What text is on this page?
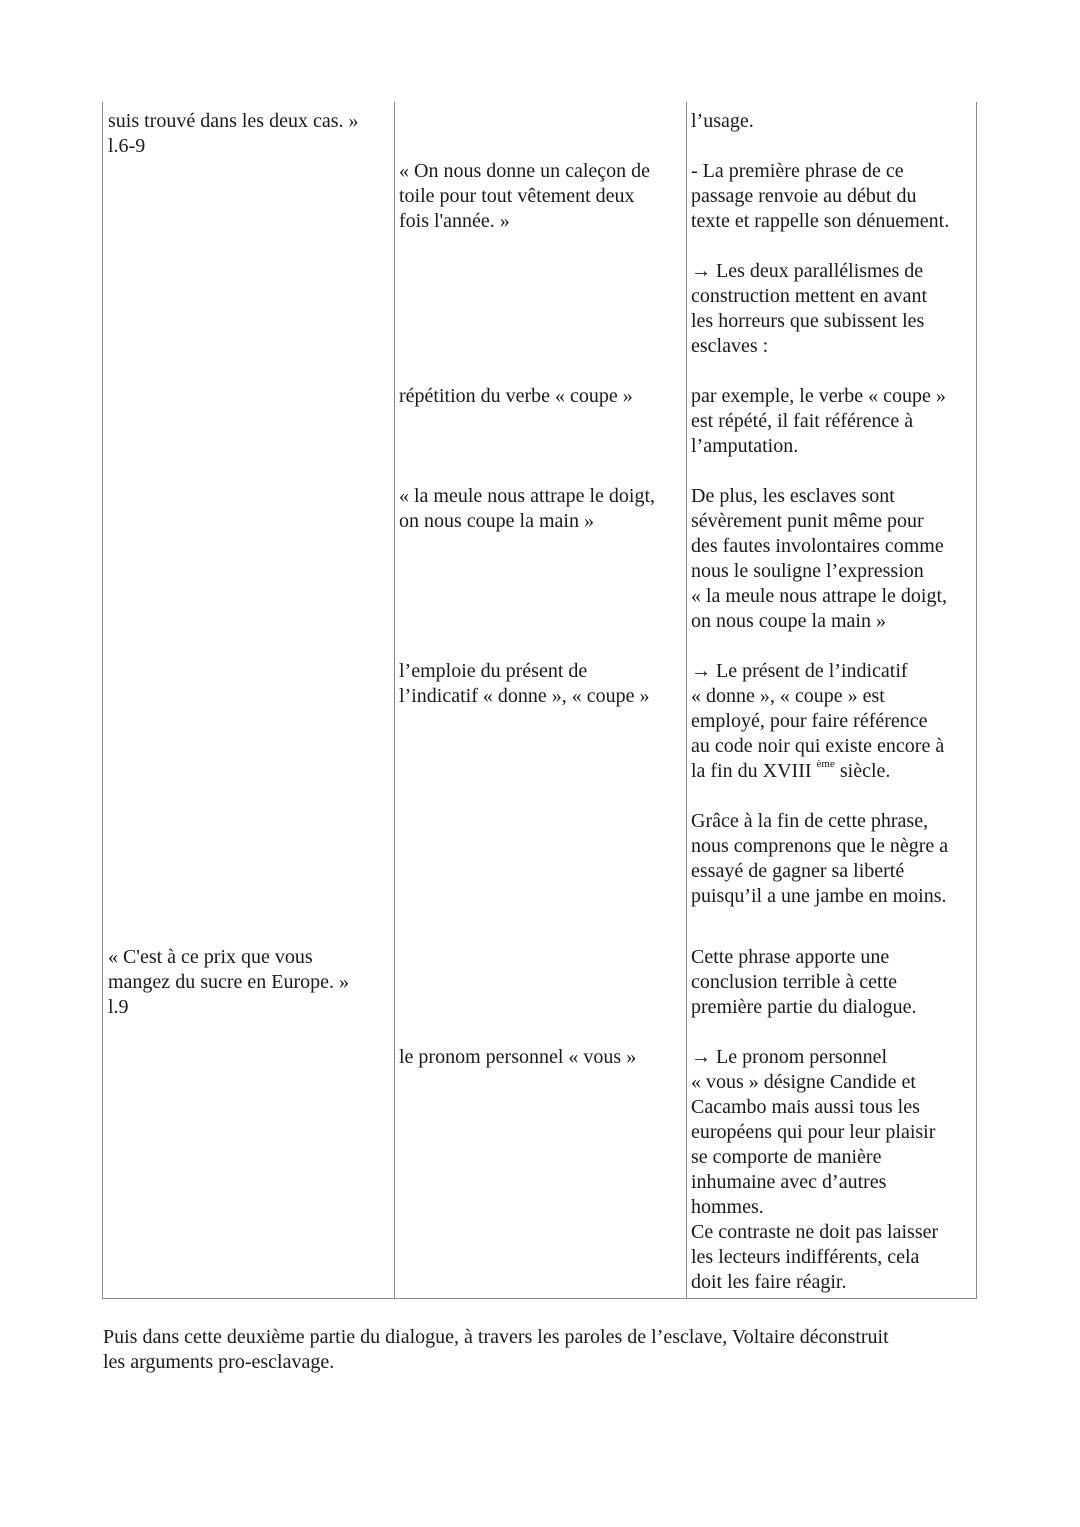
suis trouvé dans les deux cas. »
l.6-9

« C'est à ce prix que vous
mangez du sucre en Europe. »
l.9

« On nous donne un caleçon de
toile pour tout vêtement deux
fois l'année. »

répétition du verbe « coupe »

« la meule nous attrape le doigt,
on nous coupe la main »

l’emploie du présent de
l’indicatif « donne », « coupe »

le pronom personnel « vous »

l’usage.

- La première phrase de ce
passage renvoie au début du
texte et rappelle son dénuement.

→ Les deux parallélismes de
construction mettent en avant
les horreurs que subissent les
esclaves :

par exemple, le verbe « coupe »
est répété, il fait référence à
l’amputation.

De plus, les esclaves sont
sévèrement punit même pour
des fautes involontaires comme
nous le souligne l’expression
« la meule nous attrape le doigt,
on nous coupe la main »

→ Le présent de l’indicatif
« donne », « coupe » est
employé, pour faire référence
au code noir qui existe encore à
la fin du XVIII $^{ème}$ siècle.

Grâce à la fin de cette phrase,
nous comprenons que le nègre a
essayé de gagner sa liberté
puisqu’il a une jambe en moins.

Cette phrase apporte une
conclusion terrible à cette
première partie du dialogue.

→ Le pronom personnel
« vous » désigne Candide et
Cacambo mais aussi tous les
européens qui pour leur plaisir
se comporte de manière
inhumaine avec d’autres
hommes.
Ce contraste ne doit pas laisser
les lecteurs indifférents, cela
doit les faire réagir.

Puis dans cette deuxième partie du dialogue, à travers les paroles de l’esclave, Voltaire déconstruit
les arguments pro-esclavage.
